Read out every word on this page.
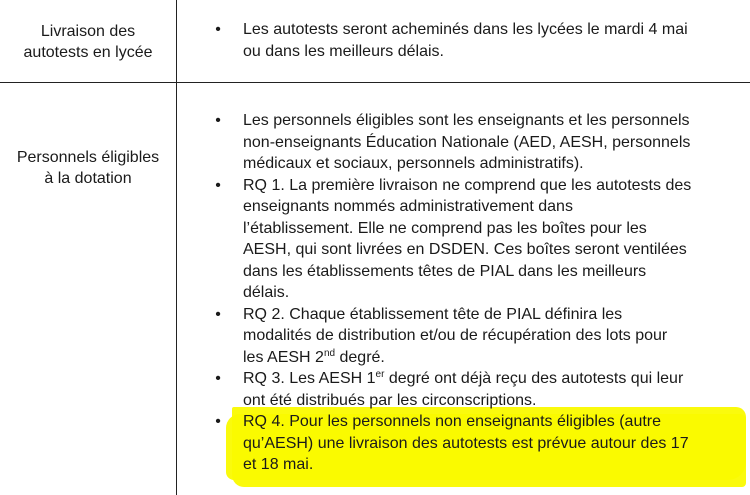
Livraison des
autotests en lycée
• Les autotests seront acheminés dans les lycées le mardi 4 mai
ou dans les meilleurs délais.
Personnels éligibles
à la dotation
• Les personnels éligibles sont les enseignants et les personnels
non-enseignants Éducation Nationale (AED, AESH, personnels
médicaux et sociaux, personnels administratifs).
• RQ 1. La première livraison ne comprend que les autotests des
enseignants nommés administrativement dans
l’établissement. Elle ne comprend pas les boîtes pour les
AESH, qui sont livrées en DSDEN. Ces boîtes seront ventilées
dans les établissements têtes de PIAL dans les meilleurs
délais.
• RQ 2. Chaque établissement tête de PIAL définira les
modalités de distribution et/ou de récupération des lots pour
les AESH 2nd degré.
• RQ 3. Les AESH 1er degré ont déjà reçu des autotests qui leur
ont été distribués par les circonscriptions.
• RQ 4. Pour les personnels non enseignants éligibles (autre
qu’AESH) une livraison des autotests est prévue autour des 17
et 18 mai.
